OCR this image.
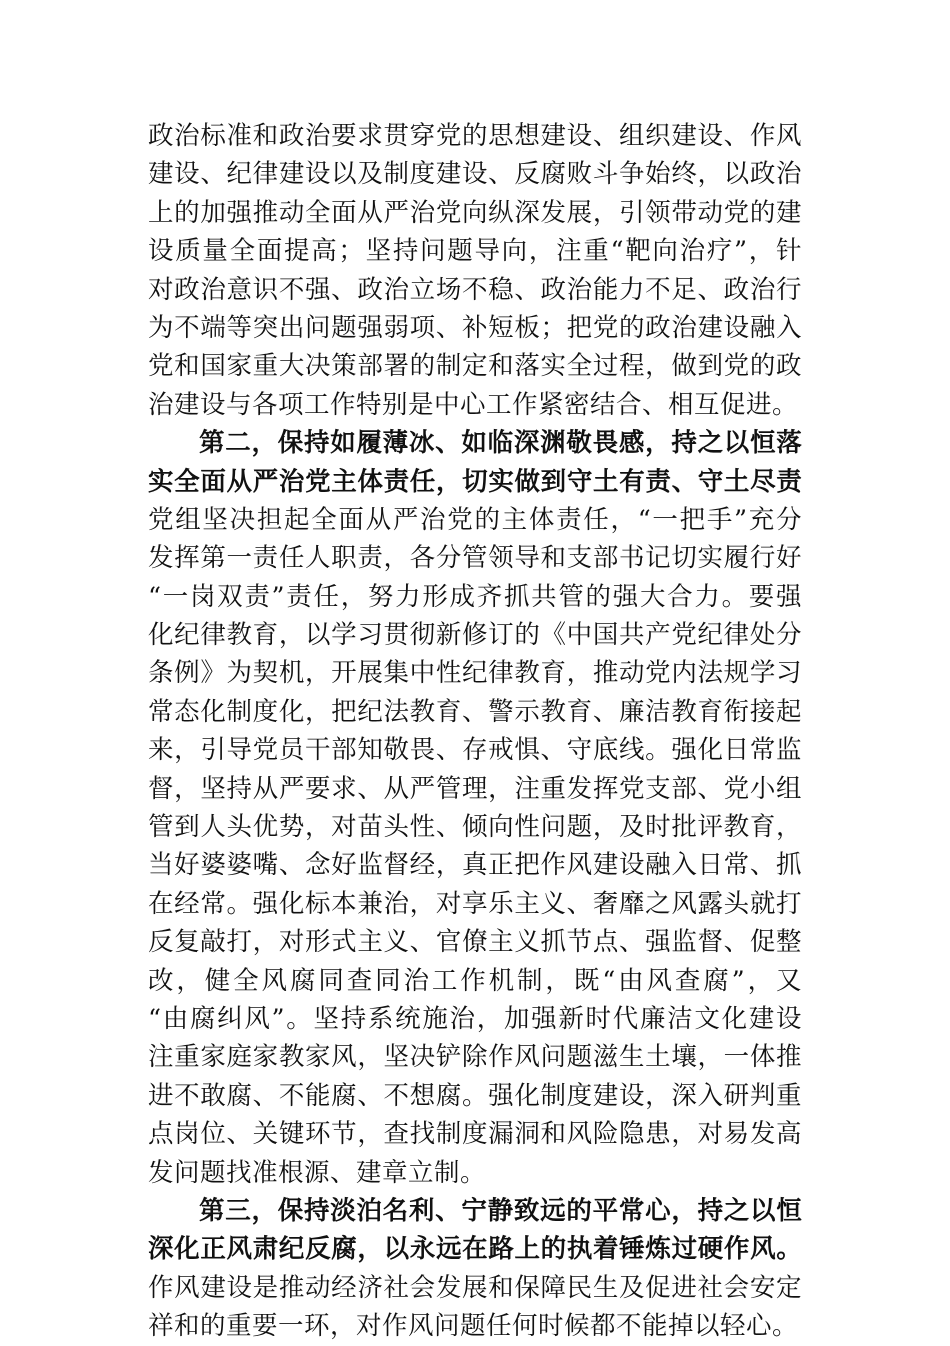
政治标准和政治要求贯穿党的思想建设、组织建设、作风
建设、纪律建设以及制度建设、反腐败斗争始终，以政治
上的加强推动全面从严治党向纵深发展，引领带动党的建
设质量全面提高；坚持问题导向，注重“靶向治疗”，针
对政治意识不强、政治立场不稳、政治能力不足、政治行
为不端等突出问题强弱项、补短板；把党的政治建设融入
党和国家重大决策部署的制定和落实全过程，做到党的政
治建设与各项工作特别是中心工作紧密结合、相互促进。
第二，保持如履薄冰、如临深渊敬畏感，持之以恒落
实全面从严治党主体责任，切实做到守土有责、守土尽责
党组坚决担起全面从严治党的主体责任，“一把手”充分
发挥第一责任人职责，各分管领导和支部书记切实履行好
“一岗双责”责任，努力形成齐抓共管的强大合力。要强
化纪律教育，以学习贯彻新修订的《中国共产党纪律处分
条例》为契机，开展集中性纪律教育，推动党内法规学习
常态化制度化，把纪法教育、警示教育、廉洁教育衔接起
来，引导党员干部知敬畏、存戒惧、守底线。强化日常监
督，坚持从严要求、从严管理，注重发挥党支部、党小组
管到人头优势，对苗头性、倾向性问题，及时批评教育，
当好婆婆嘴、念好监督经，真正把作风建设融入日常、抓
在经常。强化标本兼治，对享乐主义、奢靡之风露头就打
反复敲打，对形式主义、官僚主义抓节点、强监督、促整
改，健全风腐同查同治工作机制，既“由风查腐”，又
“由腐纠风”。坚持系统施治，加强新时代廉洁文化建设
注重家庭家教家风，坚决铲除作风问题滋生土壤，一体推
进不敢腐、不能腐、不想腐。强化制度建设，深入研判重
点岗位、关键环节，查找制度漏洞和风险隐患，对易发高
发问题找准根源、建章立制。
第三，保持淡泊名利、宁静致远的平常心，持之以恒
深化正风肃纪反腐，以永远在路上的执着锤炼过硬作风。
作风建设是推动经济社会发展和保障民生及促进社会安定
祥和的重要一环，对作风问题任何时候都不能掉以轻心。
